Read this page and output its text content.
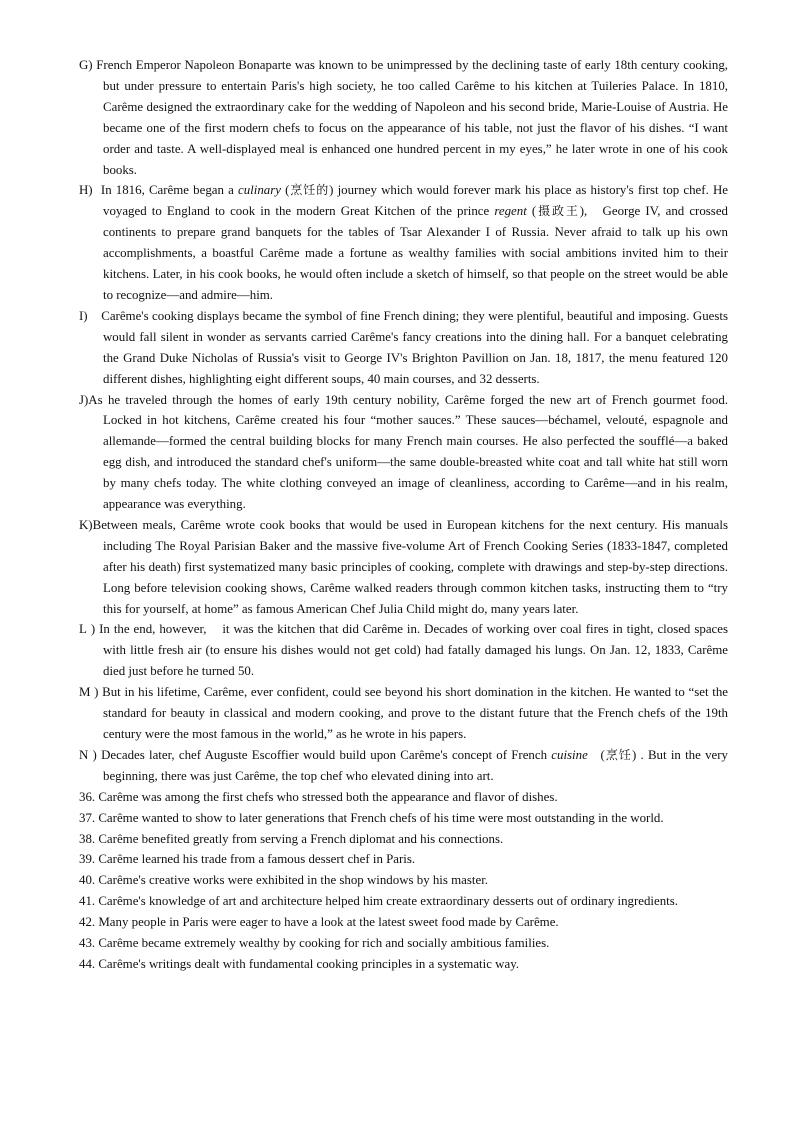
G) French Emperor Napoleon Bonaparte was known to be unimpressed by the declining taste of early 18th century cooking, but under pressure to entertain Paris's high society, he too called Carême to his kitchen at Tuileries Palace. In 1810, Carême designed the extraordinary cake for the wedding of Napoleon and his second bride, Marie-Louise of Austria. He became one of the first modern chefs to focus on the appearance of his table, not just the flavor of his dishes. “I want order and taste. A well-displayed meal is enhanced one hundred percent in my eyes,” he later wrote in one of his cook books.

H)  In 1816, Carême began a culinary (烹饪的) journey which would forever mark his place as history's first top chef. He voyaged to England to cook in the modern Great Kitchen of the prince regent (摄政王),   George IV, and crossed continents to prepare grand banquets for the tables of Tsar Alexander I of Russia. Never afraid to talk up his own accomplishments, a boastful Carême made a fortune as wealthy families with social ambitions invited him to their kitchens. Later, in his cook books, he would often include a sketch of himself, so that people on the street would be able to recognize—and admire—him.

I)    Carême's cooking displays became the symbol of fine French dining; they were plentiful, beautiful and imposing. Guests would fall silent in wonder as servants carried Carême's fancy creations into the dining hall. For a banquet celebrating the Grand Duke Nicholas of Russia's visit to George IV's Brighton Pavillion on Jan. 18, 1817, the menu featured 120 different dishes, highlighting eight different soups, 40 main courses, and 32 desserts.

J)As he traveled through the homes of early 19th century nobility, Carême forged the new art of French gourmet food. Locked in hot kitchens, Carême created his four “mother sauces.” These sauces—béchamel, velouté, espagnole and allemande—formed the central building blocks for many French main courses. He also perfected the soufflé—a baked egg dish, and introduced the standard chef's uniform—the same double-breasted white coat and tall white hat still worn by many chefs today. The white clothing conveyed an image of cleanliness, according to Carême—and in his realm, appearance was everything.

K)Between meals, Carême wrote cook books that would be used in European kitchens for the next century. His manuals including The Royal Parisian Baker and the massive five-volume Art of French Cooking Series (1833-1847, completed after his death) first systematized many basic principles of cooking, complete with drawings and step-by-step directions. Long before television cooking shows, Carême walked readers through common kitchen tasks, instructing them to “try this for yourself, at home” as famous American Chef Julia Child might do, many years later.

L ) In the end, however,    it was the kitchen that did Carême in. Decades of working over coal fires in tight, closed spaces with little fresh air (to ensure his dishes would not get cold) had fatally damaged his lungs. On Jan. 12, 1833, Carême died just before he turned 50.

M ) But in his lifetime, Carême, ever confident, could see beyond his short domination in the kitchen. He wanted to “set the standard for beauty in classical and modern cooking, and prove to the distant future that the French chefs of the 19th century were the most famous in the world,” as he wrote in his papers.

N ) Decades later, chef Auguste Escoffier would build upon Carême's concept of French cuisine   (烹饪) . But in the very beginning, there was just Carême, the top chef who elevated dining into art.

36. Carême was among the first chefs who stressed both the appearance and flavor of dishes.

37. Carême wanted to show to later generations that French chefs of his time were most outstanding in the world.

38. Carême benefited greatly from serving a French diplomat and his connections.

39. Carême learned his trade from a famous dessert chef in Paris.

40. Carême's creative works were exhibited in the shop windows by his master.

41. Carême's knowledge of art and architecture helped him create extraordinary desserts out of ordinary ingredients.

42. Many people in Paris were eager to have a look at the latest sweet food made by Carême.

43. Carême became extremely wealthy by cooking for rich and socially ambitious families.

44. Carême's writings dealt with fundamental cooking principles in a systematic way.
